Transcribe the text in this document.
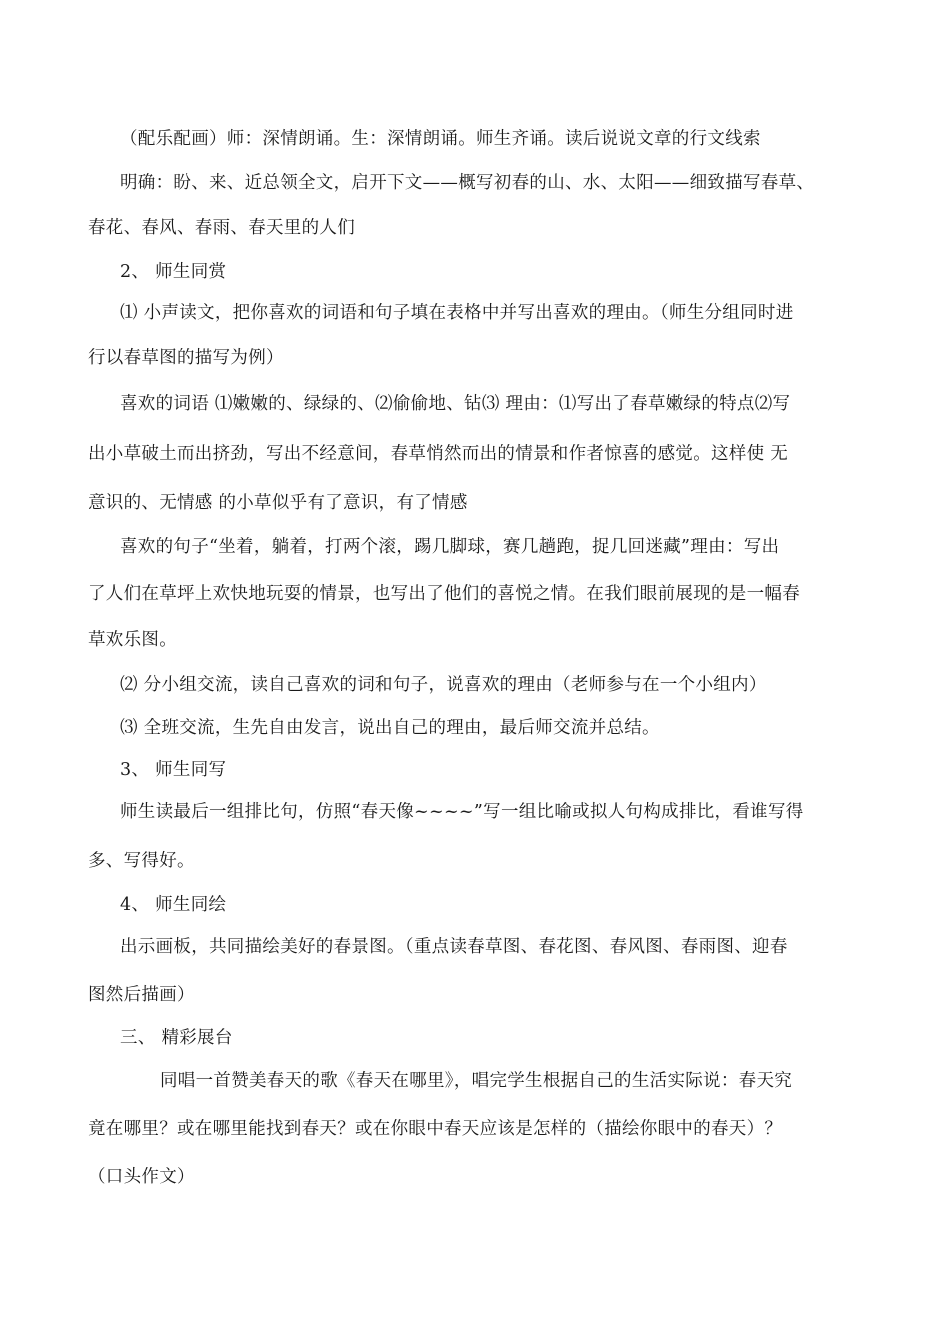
（配乐配画）师：深情朗诵。生：深情朗诵。师生齐诵。读后说说文章的行文线索
明确：盼、来、近总领全文，启开下文——概写初春的山、水、太阳——细致描写春草、
春花、春风、春雨、春天里的人们
2、 师生同赏
⑴ 小声读文，把你喜欢的词语和句子填在表格中并写出喜欢的理由。（师生分组同时进
行以春草图的描写为例）
喜欢的词语 ⑴嫩嫩的、绿绿的、⑵偷偷地、钻⑶ 理由：⑴写出了春草嫩绿的特点⑵写
出小草破土而出挤劲，写出不经意间，春草悄然而出的情景和作者惊喜的感觉。这样使 无
意识的、无情感 的小草似乎有了意识，有了情感
喜欢的句子“坐着，躺着，打两个滚，踢几脚球，赛几趟跑，捉几回迷藏”理由：写出
了人们在草坪上欢快地玩耍的情景，也写出了他们的喜悦之情。在我们眼前展现的是一幅春
草欢乐图。
⑵ 分小组交流，读自己喜欢的词和句子，说喜欢的理由（老师参与在一个小组内）
⑶ 全班交流，生先自由发言，说出自己的理由，最后师交流并总结。
3、 师生同写
师生读最后一组排比句，仿照“春天像~~~~”写一组比喻或拟人句构成排比，看谁写得
多、写得好。
4、 师生同绘
出示画板，共同描绘美好的春景图。（重点读春草图、春花图、春风图、春雨图、迎春
图然后描画）
三、 精彩展台
同唱一首赞美春天的歌《春天在哪里》，唱完学生根据自己的生活实际说：春天究
竟在哪里？或在哪里能找到春天？或在你眼中春天应该是怎样的（描绘你眼中的春天）？
（口头作文）
